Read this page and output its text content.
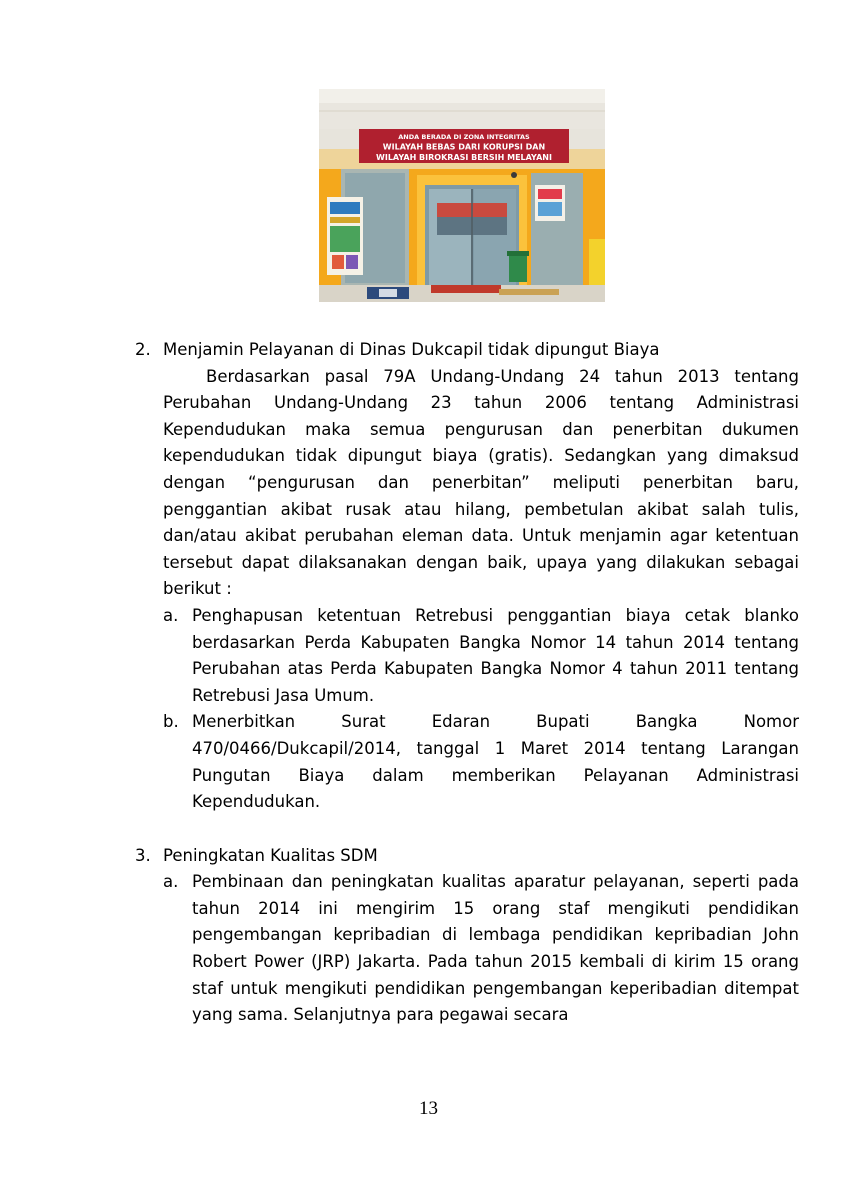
ANDA BERADA DI ZONA INTEGRITAS
WILAYAH BEBAS DARI KORUPSI DAN
WILAYAH BIROKRASI BERSIH MELAYANI
2. Menjamin Pelayanan di Dinas Dukcapil tidak dipungut Biaya

Berdasarkan pasal 79A Undang-Undang 24 tahun 2013 tentang Perubahan Undang-Undang 23 tahun 2006 tentang Administrasi Kependudukan maka semua pengurusan dan penerbitan dukumen kependudukan tidak dipungut biaya (gratis). Sedangkan yang dimaksud dengan “pengurusan dan penerbitan” meliputi penerbitan baru, penggantian akibat rusak atau hilang, pembetulan akibat salah tulis, dan/atau akibat perubahan eleman data. Untuk menjamin agar ketentuan tersebut dapat dilaksanakan dengan baik, upaya yang dilakukan sebagai berikut :

a. Penghapusan ketentuan Retrebusi penggantian biaya cetak blanko berdasarkan Perda Kabupaten Bangka Nomor 14 tahun 2014 tentang Perubahan atas Perda Kabupaten Bangka Nomor 4 tahun 2011 tentang Retrebusi Jasa Umum.
b. Menerbitkan Surat Edaran Bupati Bangka Nomor 470/0466/Dukcapil/2014, tanggal 1 Maret 2014 tentang Larangan Pungutan Biaya dalam memberikan Pelayanan Administrasi Kependudukan.
3. Peningkatan Kualitas SDM

a. Pembinaan dan peningkatan kualitas aparatur pelayanan, seperti pada tahun 2014 ini mengirim 15 orang staf mengikuti pendidikan pengembangan kepribadian di lembaga pendidikan kepribadian John Robert Power (JRP) Jakarta. Pada tahun 2015 kembali di kirim 15 orang staf untuk mengikuti pendidikan pengembangan keperibadian ditempat yang sama. Selanjutnya para pegawai secara
13
